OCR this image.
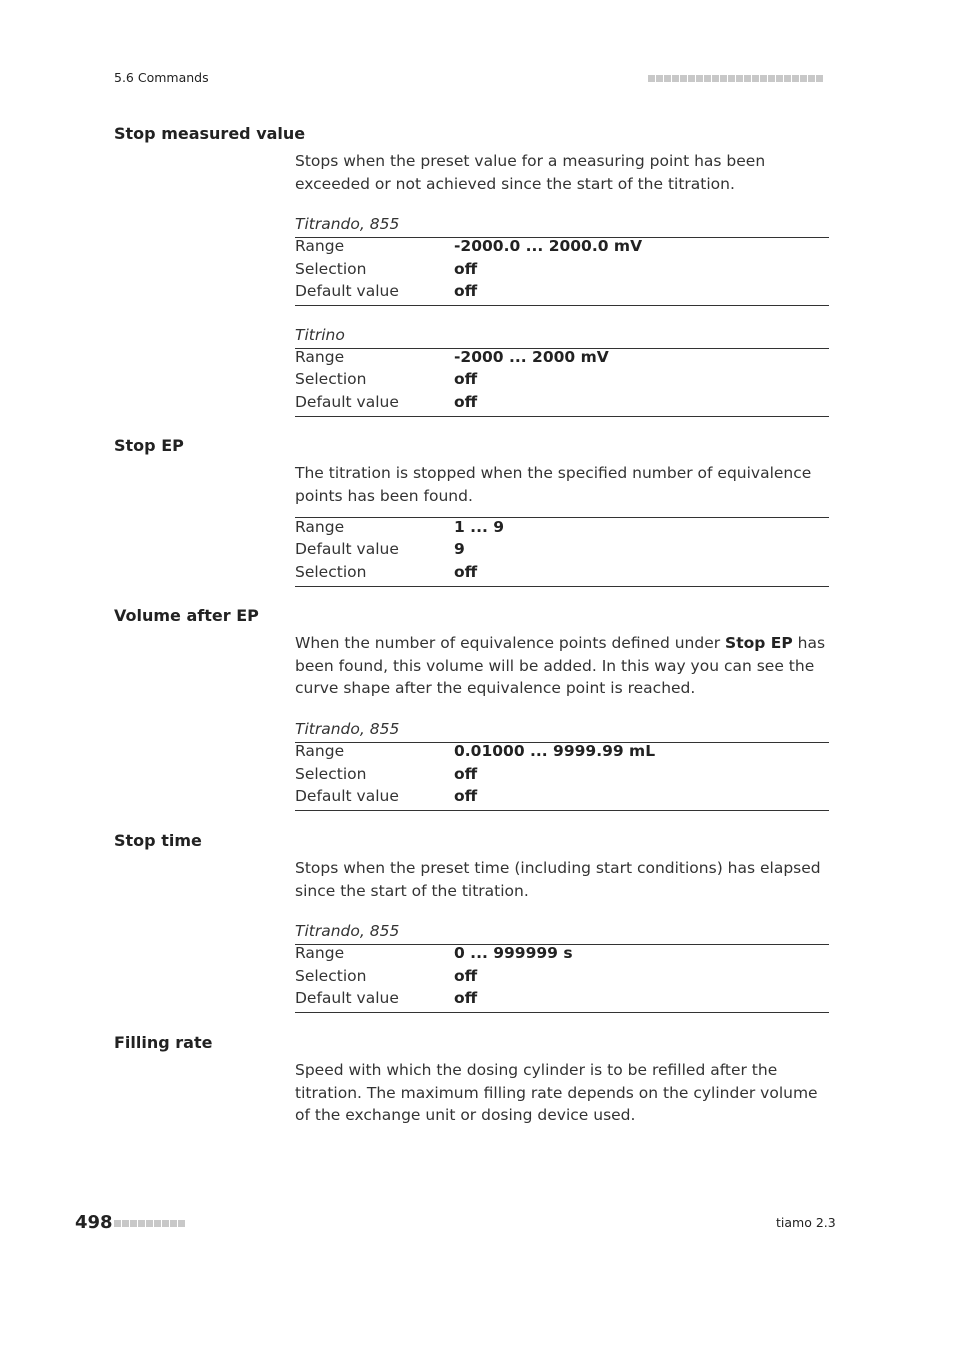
5.6 Commands
Stop measured value
Stops when the preset value for a measuring point has been exceeded or not achieved since the start of the titration.
Titrando, 855
Range	-2000.0 ... 2000.0 mV
Selection	off
Default value	off
Titrino
Range	-2000 ... 2000 mV
Selection	off
Default value	off
Stop EP
The titration is stopped when the specified number of equivalence points has been found.
Range	1 ... 9
Default value	9
Selection	off
Volume after EP
When the number of equivalence points defined under Stop EP has been found, this volume will be added. In this way you can see the curve shape after the equivalence point is reached.
Titrando, 855
Range	0.01000 ... 9999.99 mL
Selection	off
Default value	off
Stop time
Stops when the preset time (including start conditions) has elapsed since the start of the titration.
Titrando, 855
Range	0 ... 999999 s
Selection	off
Default value	off
Filling rate
Speed with which the dosing cylinder is to be refilled after the titration. The maximum filling rate depends on the cylinder volume of the exchange unit or dosing device used.
498	tiamo 2.3
